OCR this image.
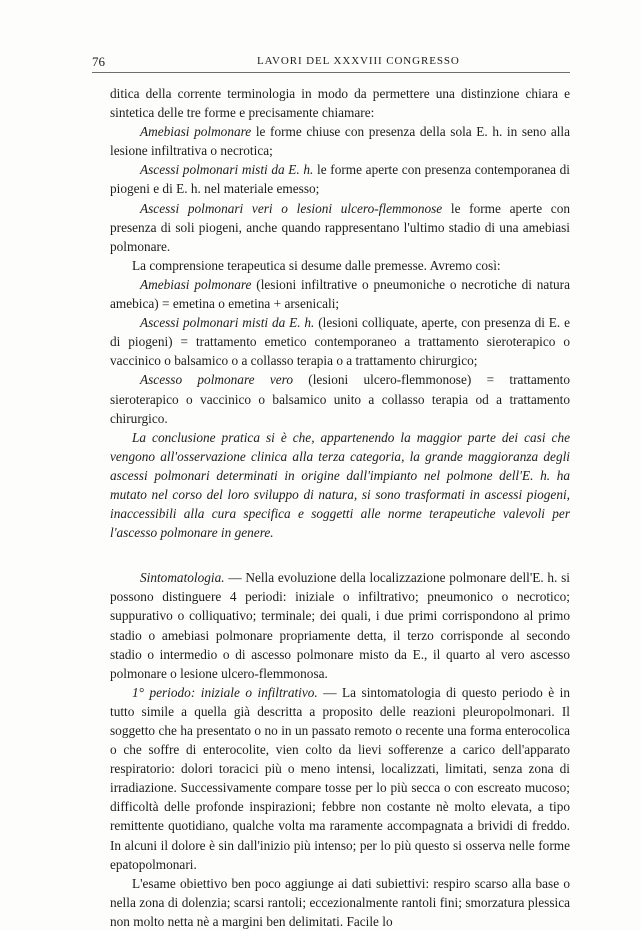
76	LAVORI DEL XXXVIII CONGRESSO

ditica della corrente terminologia in modo da permettere una distinzione chiara e sintetica delle tre forme e precisamente chiamare:

Amebiasi polmonare le forme chiuse con presenza della sola E. h. in seno alla lesione infiltrativa o necrotica;

Ascessi polmonari misti da E. h. le forme aperte con presenza contemporanea di piogeni e di E. h. nel materiale emesso;

Ascessi polmonari veri o lesioni ulcero-flemmonose le forme aperte con presenza di soli piogeni, anche quando rappresentano l'ultimo stadio di una amebiasi polmonare.

La comprensione terapeutica si desume dalle premesse. Avremo così:

Amebiasi polmonare (lesioni infiltrative o pneumoniche o necrotiche di natura amebica) = emetina o emetina + arsenicali;

Ascessi polmonari misti da E. h. (lesioni colliquate, aperte, con presenza di E. e di piogeni) = trattamento emetico contemporaneo a trattamento sieroterapico o vaccinico o balsamico o a collasso terapia o a trattamento chirurgico;

Ascesso polmonare vero (lesioni ulcero-flemmonose) = trattamento sieroterapico o vaccinico o balsamico unito a collasso terapia od a trattamento chirurgico.

La conclusione pratica si è che, appartenendo la maggior parte dei casi che vengono all'osservazione clinica alla terza categoria, la grande maggioranza degli ascessi polmonari determinati in origine dall'impianto nel polmone dell'E. h. ha mutato nel corso del loro sviluppo di natura, si sono trasformati in ascessi piogeni, inaccessibili alla cura specifica e soggetti alle norme terapeutiche valevoli per l'ascesso polmonare in genere.

Sintomatologia. — Nella evoluzione della localizzazione polmonare dell'E. h. si possono distinguere 4 periodi: iniziale o infiltrativo; pneumonico o necrotico; suppurativo o colliquativo; terminale; dei quali, i due primi corrispondono al primo stadio o amebiasi polmonare propriamente detta, il terzo corrisponde al secondo stadio o intermedio o di ascesso polmonare misto da E., il quarto al vero ascesso polmonare o lesione ulcero-flemmonosa.

1° periodo: iniziale o infiltrativo. — La sintomatologia di questo periodo è in tutto simile a quella già descritta a proposito delle reazioni pleuropolmonari. Il soggetto che ha presentato o no in un passato remoto o recente una forma enterocolica o che soffre di enterocolite, vien colto da lievi sofferenze a carico dell'apparato respiratorio: dolori toracici più o meno intensi, localizzati, limitati, senza zona di irradiazione. Successivamente compare tosse per lo più secca o con escreato mucoso; difficoltà delle profonde inspirazioni; febbre non costante nè molto elevata, a tipo remittente quotidiano, qualche volta ma raramente accompagnata a brividi di freddo. In alcuni il dolore è sin dall'inizio più intenso; per lo più questo si osserva nelle forme epatopolmonari.

L'esame obiettivo ben poco aggiunge ai dati subiettivi: respiro scarso alla base o nella zona di dolenzia; scarsi rantoli; eccezionalmente rantoli fini; smorzatura plessica non molto netta nè a margini ben delimitati. Facile lo
